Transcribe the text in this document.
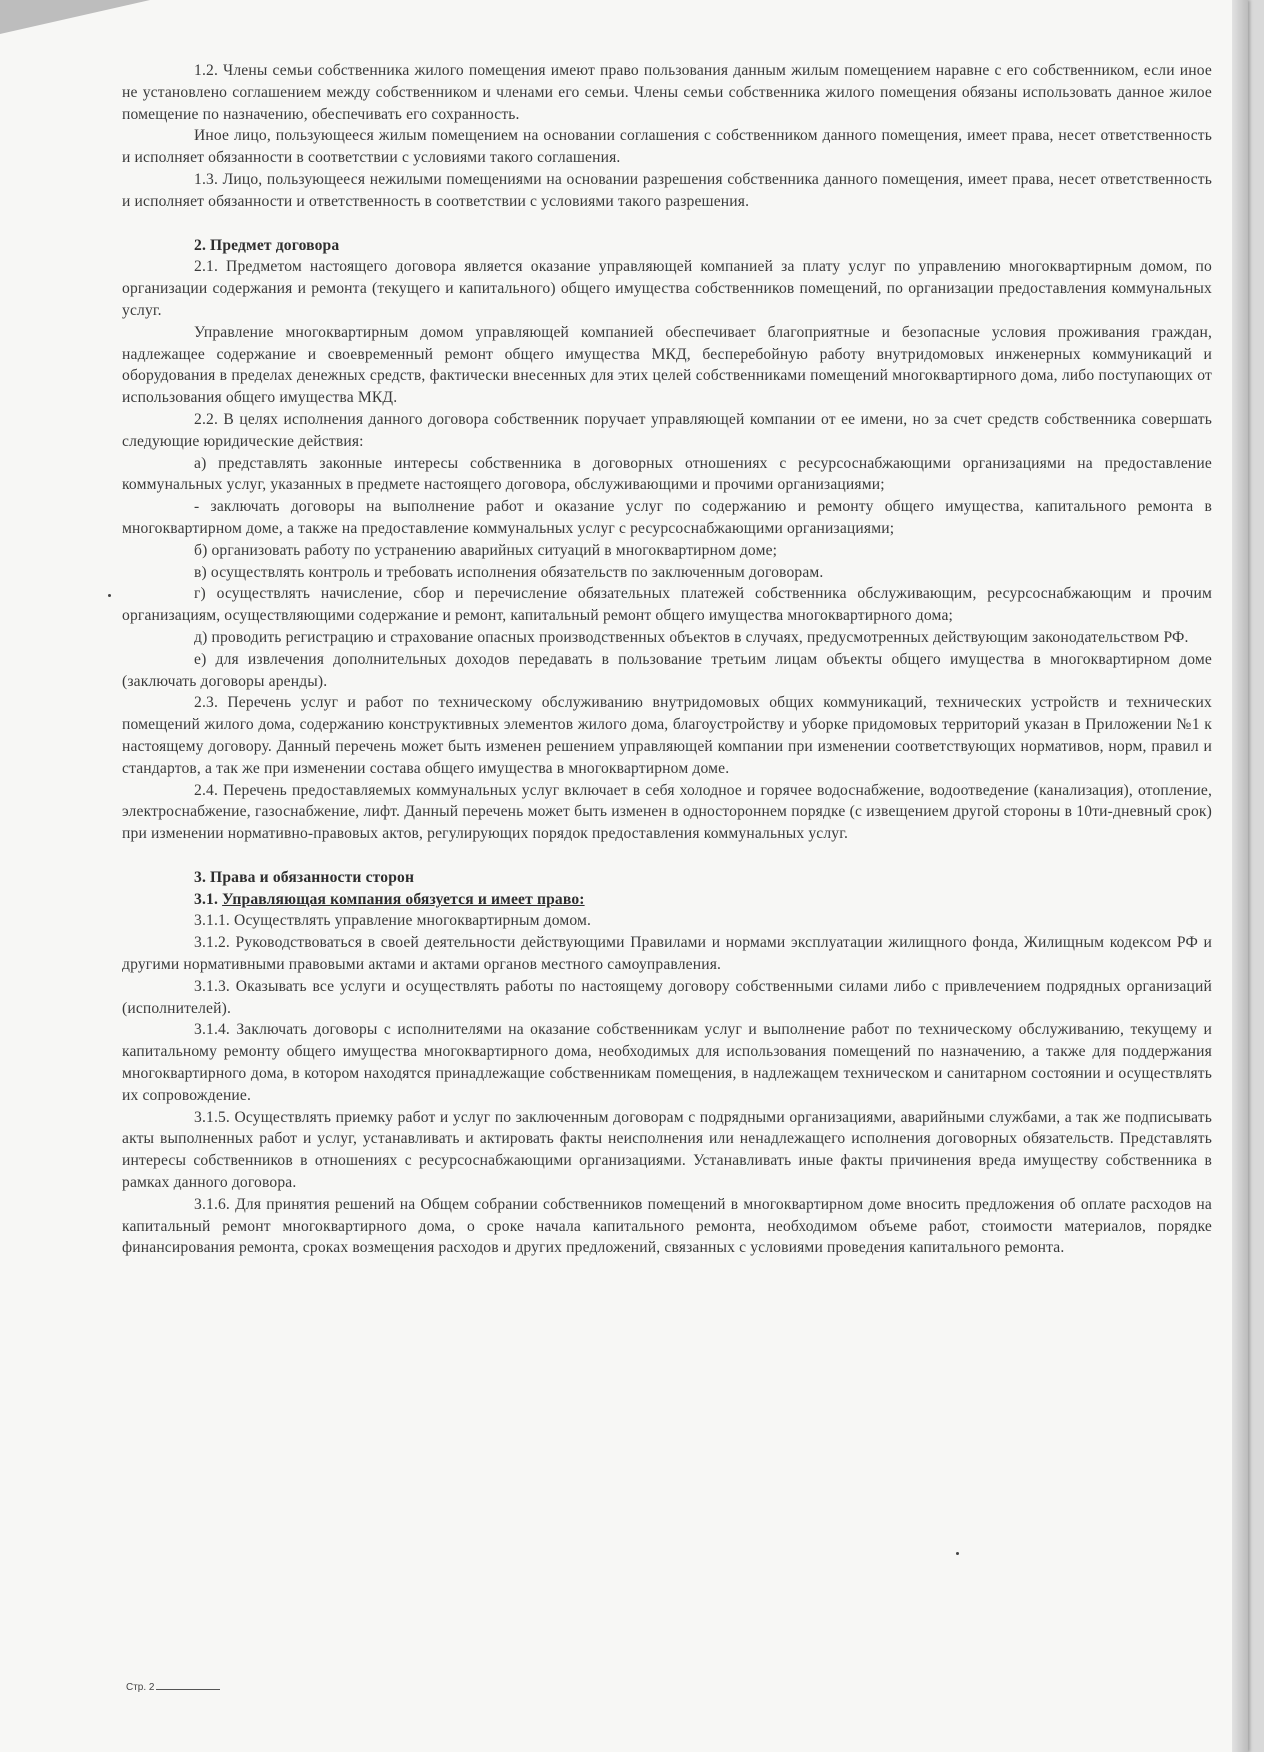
1.2. Члены семьи собственника жилого помещения имеют право пользования данным жилым помещением наравне с его собственником, если иное не установлено соглашением между собственником и членами его семьи. Члены семьи собственника жилого помещения обязаны использовать данное жилое помещение по назначению, обеспечивать его сохранность.

Иное лицо, пользующееся жилым помещением на основании соглашения с собственником данного помещения, имеет права, несет ответственность и исполняет обязанности в соответствии с условиями такого соглашения.

1.3. Лицо, пользующееся нежилыми помещениями на основании разрешения собственника данного помещения, имеет права, несет ответственность и исполняет обязанности и ответственность в соответствии с условиями такого разрешения.

2. Предмет договора

2.1. Предметом настоящего договора является оказание управляющей компанией за плату услуг по управлению многоквартирным домом, по организации содержания и ремонта (текущего и капитального) общего имущества собственников помещений, по организации предоставления коммунальных услуг.

Управление многоквартирным домом управляющей компанией обеспечивает благоприятные и безопасные условия проживания граждан, надлежащее содержание и своевременный ремонт общего имущества МКД, бесперебойную работу внутридомовых инженерных коммуникаций и оборудования в пределах денежных средств, фактически внесенных для этих целей собственниками помещений многоквартирного дома, либо поступающих от использования общего имущества МКД.

2.2. В целях исполнения данного договора собственник поручает управляющей компании от ее имени, но за счет средств собственника совершать следующие юридические действия:

а) представлять законные интересы собственника в договорных отношениях с ресурсоснабжающими организациями на предоставление коммунальных услуг, указанных в предмете настоящего договора, обслуживающими и прочими организациями;

- заключать договоры на выполнение работ и оказание услуг по содержанию и ремонту общего имущества, капитального ремонта в многоквартирном доме, а также на предоставление коммунальных услуг с ресурсоснабжающими организациями;

б) организовать работу по устранению аварийных ситуаций в многоквартирном доме;

в) осуществлять контроль и требовать исполнения обязательств по заключенным договорам.

г) осуществлять начисление, сбор и перечисление обязательных платежей собственника обслуживающим, ресурсоснабжающим и прочим организациям, осуществляющими содержание и ремонт, капитальный ремонт общего имущества многоквартирного дома;

д) проводить регистрацию и страхование опасных производственных объектов в случаях, предусмотренных действующим законодательством РФ.

е) для извлечения дополнительных доходов передавать в пользование третьим лицам объекты общего имущества в многоквартирном доме (заключать договоры аренды).

2.3. Перечень услуг и работ по техническому обслуживанию внутридомовых общих коммуникаций, технических устройств и технических помещений жилого дома, содержанию конструктивных элементов жилого дома, благоустройству и уборке придомовых территорий указан в Приложении №1 к настоящему договору. Данный перечень может быть изменен решением управляющей компании при изменении соответствующих нормативов, норм, правил и стандартов, а так же при изменении состава общего имущества в многоквартирном доме.

2.4. Перечень предоставляемых коммунальных услуг включает в себя холодное и горячее водоснабжение, водоотведение (канализация), отопление, электроснабжение, газоснабжение, лифт. Данный перечень может быть изменен в одностороннем порядке (с извещением другой стороны в 10ти-дневный срок) при изменении нормативно-правовых актов, регулирующих порядок предоставления коммунальных услуг.

3. Права и обязанности сторон

3.1. Управляющая компания обязуется и имеет право:

3.1.1. Осуществлять управление многоквартирным домом.

3.1.2. Руководствоваться в своей деятельности действующими Правилами и нормами эксплуатации жилищного фонда, Жилищным кодексом РФ и другими нормативными правовыми актами и актами органов местного самоуправления.

3.1.3. Оказывать все услуги и осуществлять работы по настоящему договору собственными силами либо с привлечением подрядных организаций (исполнителей).

3.1.4. Заключать договоры с исполнителями на оказание собственникам услуг и выполнение работ по техническому обслуживанию, текущему и капитальному ремонту общего имущества многоквартирного дома, необходимых для использования помещений по назначению, а также для поддержания многоквартирного дома, в котором находятся принадлежащие собственникам помещения, в надлежащем техническом и санитарном состоянии и осуществлять их сопровождение.

3.1.5. Осуществлять приемку работ и услуг по заключенным договорам с подрядными организациями, аварийными службами, а так же подписывать акты выполненных работ и услуг, устанавливать и актировать факты неисполнения или ненадлежащего исполнения договорных обязательств. Представлять интересы собственников в отношениях с ресурсоснабжающими организациями. Устанавливать иные факты причинения вреда имуществу собственника в рамках данного договора.

3.1.6. Для принятия решений на Общем собрании собственников помещений в многоквартирном доме вносить предложения об оплате расходов на капитальный ремонт многоквартирного дома, о сроке начала капитального ремонта, необходимом объеме работ, стоимости материалов, порядке финансирования ремонта, сроках возмещения расходов и других предложений, связанных с условиями проведения капитального ремонта.

Стр. 2
